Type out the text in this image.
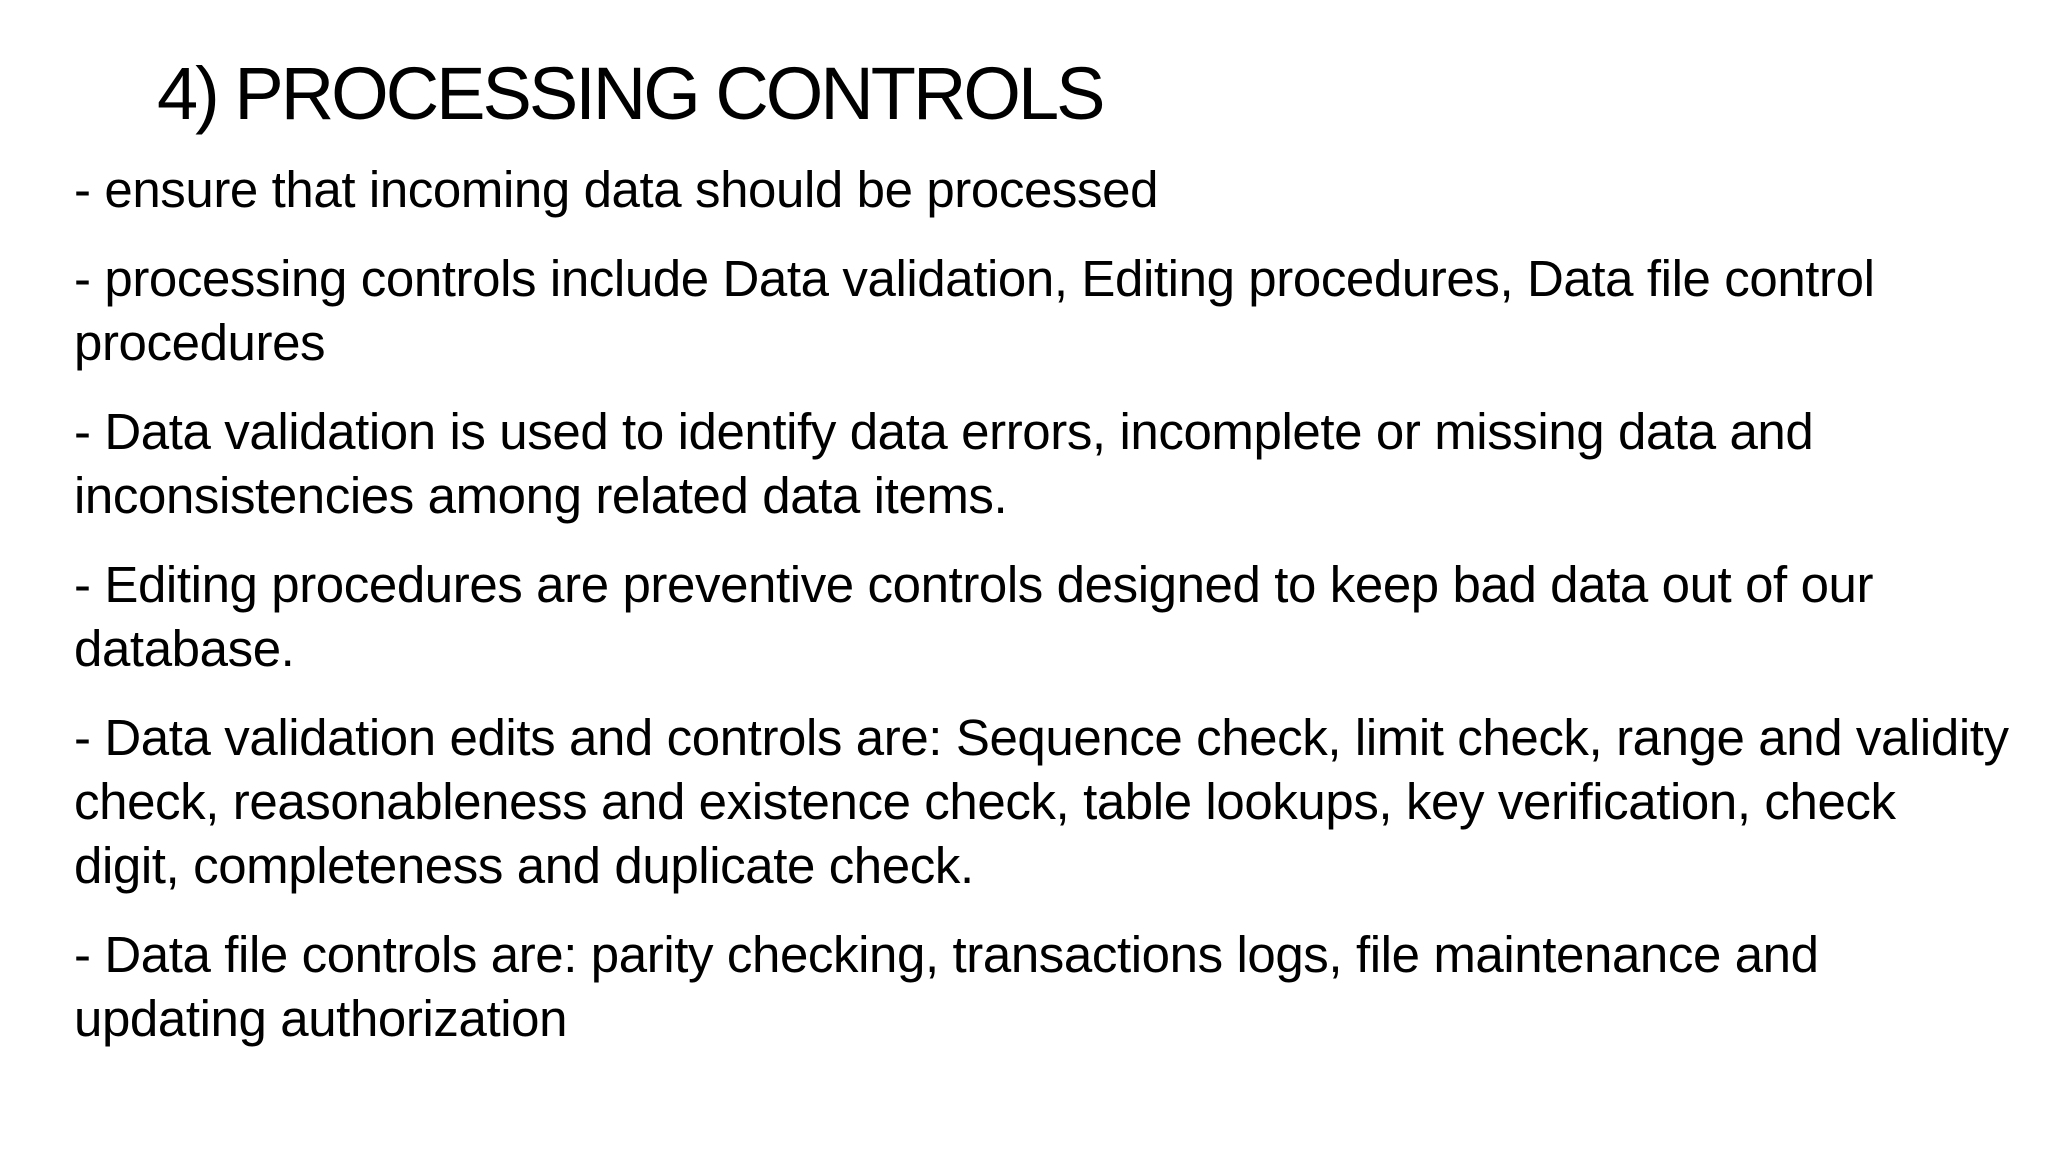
4) PROCESSING CONTROLS
- ensure that incoming data should be processed
- processing controls include Data validation, Editing procedures, Data file control procedures
- Data validation is used to identify data errors, incomplete or missing data and inconsistencies among related data items.
- Editing procedures are preventive controls designed to keep bad data out of our database.
- Data validation edits and controls are: Sequence check, limit check, range and validity check, reasonableness and existence check, table lookups, key verification, check digit, completeness and duplicate check.
- Data file controls are: parity checking, transactions logs, file maintenance and updating authorization
